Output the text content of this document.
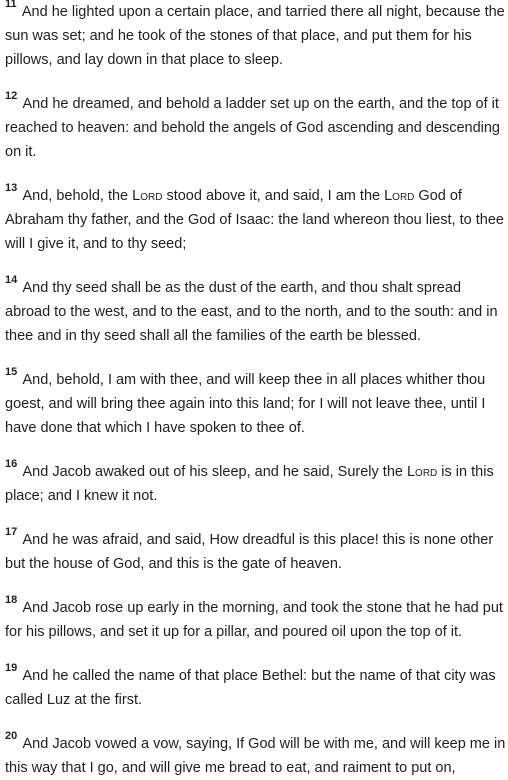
$^{11}$ And he lighted upon a certain place, and tarried there all night, because the sun was set; and he took of the stones of that place, and put them for his pillows, and lay down in that place to sleep.

$^{12}$ And he dreamed, and behold a ladder set up on the earth, and the top of it reached to heaven: and behold the angels of God ascending and descending on it.

$^{13}$ And, behold, the Lord stood above it, and said, I am the Lord God of Abraham thy father, and the God of Isaac: the land whereon thou liest, to thee will I give it, and to thy seed;

$^{14}$ And thy seed shall be as the dust of the earth, and thou shalt spread abroad to the west, and to the east, and to the north, and to the south: and in thee and in thy seed shall all the families of the earth be blessed.

$^{15}$ And, behold, I am with thee, and will keep thee in all places whither thou goest, and will bring thee again into this land; for I will not leave thee, until I have done that which I have spoken to thee of.

$^{16}$ And Jacob awaked out of his sleep, and he said, Surely the Lord is in this place; and I knew it not.

$^{17}$ And he was afraid, and said, How dreadful is this place! this is none other but the house of God, and this is the gate of heaven.

$^{18}$ And Jacob rose up early in the morning, and took the stone that he had put for his pillows, and set it up for a pillar, and poured oil upon the top of it.

$^{19}$ And he called the name of that place Bethel: but the name of that city was called Luz at the first.

$^{20}$ And Jacob vowed a vow, saying, If God will be with me, and will keep me in this way that I go, and will give me bread to eat, and raiment to put on,
